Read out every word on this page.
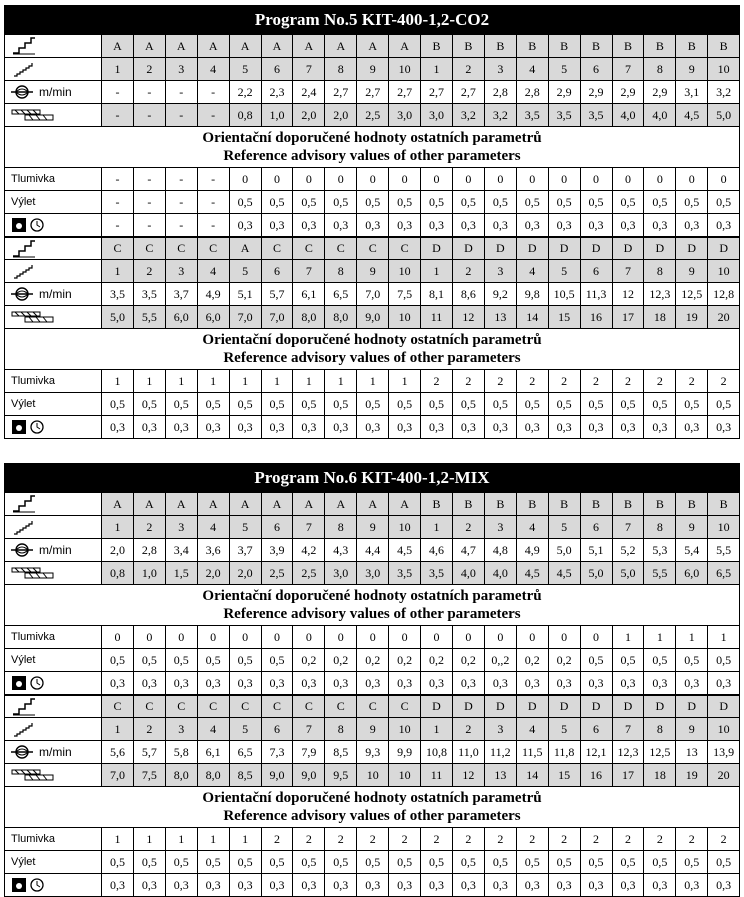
Program No.5 KIT-400-1,2-CO2
A	A	A	A	A	A	A	A	A	A	B	B	B	B	B	B	B	B	B	B
1	2	3	4	5	6	7	8	9	10	1	2	3	4	5	6	7	8	9	10
m/min	-	-	-	-	2,2	2,3	2,4	2,7	2,7	2,7	2,7	2,7	2,8	2,8	2,9	2,9	2,9	2,9	3,1	3,2
-	-	-	-	0,8	1,0	2,0	2,0	2,5	3,0	3,0	3,2	3,2	3,5	3,5	3,5	4,0	4,0	4,5	5,0
Orientační doporučené hodnoty ostatních parametrů
Reference advisory values of other parameters
Tlumivka	-	-	-	-	0	0	0	0	0	0	0	0	0	0	0	0	0	0	0	0
Výlet	-	-	-	-	0,5	0,5	0,5	0,5	0,5	0,5	0,5	0,5	0,5	0,5	0,5	0,5	0,5	0,5	0,5	0,5
-	-	-	-	0,3	0,3	0,3	0,3	0,3	0,3	0,3	0,3	0,3	0,3	0,3	0,3	0,3	0,3	0,3	0,3
C	C	C	C	A	C	C	C	C	C	D	D	D	D	D	D	D	D	D	D
1	2	3	4	5	6	7	8	9	10	1	2	3	4	5	6	7	8	9	10
m/min	3,5	3,5	3,7	4,9	5,1	5,7	6,1	6,5	7,0	7,5	8,1	8,6	9,2	9,8	10,5 11,3	12	12,3 12,5 12,8
5,0	5,5	6,0	6,0	7,0	7,0	8,0	8,0	9,0	10	11	12	13	14	15	16	17	18	19	20
Orientační doporučené hodnoty ostatních parametrů
Reference advisory values of other parameters
Tlumivka	1	1	1	1	1	1	1	1	1	1	2	2	2	2	2	2	2	2	2	2
Výlet	0,5	0,5	0,5	0,5	0,5	0,5	0,5	0,5	0,5	0,5	0,5	0,5	0,5	0,5	0,5	0,5	0,5	0,5	0,5	0,5
0,3	0,3	0,3	0,3	0,3	0,3	0,3	0,3	0,3	0,3	0,3	0,3	0,3	0,3	0,3	0,3	0,3	0,3	0,3	0,3
Program No.6 KIT-400-1,2-MIX
A	A	A	A	A	A	A	A	A	A	B	B	B	B	B	B	B	B	B	B
1	2	3	4	5	6	7	8	9	10	1	2	3	4	5	6	7	8	9	10
m/min	2,0	2,8	3,4	3,6	3,7	3,9	4,2	4,3	4,4	4,5	4,6	4,7	4,8	4,9	5,0	5,1	5,2	5,3	5,4	5,5
0,8	1,0	1,5	2,0	2,0	2,5	2,5	3,0	3,0	3,5	3,5	4,0	4,0	4,5	4,5	5,0	5,0	5,5	6,0	6,5
Orientační doporučené hodnoty ostatních parametrů
Reference advisory values of other parameters
Tlumivka	0	0	0	0	0	0	0	0	0	0	0	0	0	0	0	0	1	1	1	1
Výlet	0,5	0,5	0,5	0,5	0,5	0,5	0,2	0,2	0,2	0,2	0,2	0,2	0,,2	0,2	0,2	0,5	0,5	0,5	0,5	0,5
0,3	0,3	0,3	0,3	0,3	0,3	0,3	0,3	0,3	0,3	0,3	0,3	0,3	0,3	0,3	0,3	0,3	0,3	0,3	0,3
C	C	C	C	C	C	C	C	C	C	D	D	D	D	D	D	D	D	D	D
1	2	3	4	5	6	7	8	9	10	1	2	3	4	5	6	7	8	9	10
m/min	5,6	5,7	5,8	6,1	6,5	7,3	7,9	8,5	9,3	9,9	10,8 11,0 11,2 11,5 11,8 12,1 12,3 12,5	13	13,9
7,0	7,5	8,0	8,0	8,5	9,0	9,0	9,5	10	10	11	12	13	14	15	16	17	18	19	20
Orientační doporučené hodnoty ostatních parametrů
Reference advisory values of other parameters
Tlumivka	1	1	1	1	1	2	2	2	2	2	2	2	2	2	2	2	2	2	2	2
Výlet	0,5	0,5	0,5	0,5	0,5	0,5	0,5	0,5	0,5	0,5	0,5	0,5	0,5	0,5	0,5	0,5	0,5	0,5	0,5	0,5
0,3	0,3	0,3	0,3	0,3	0,3	0,3	0,3	0,3	0,3	0,3	0,3	0,3	0,3	0,3	0,3	0,3	0,3	0,3	0,3
